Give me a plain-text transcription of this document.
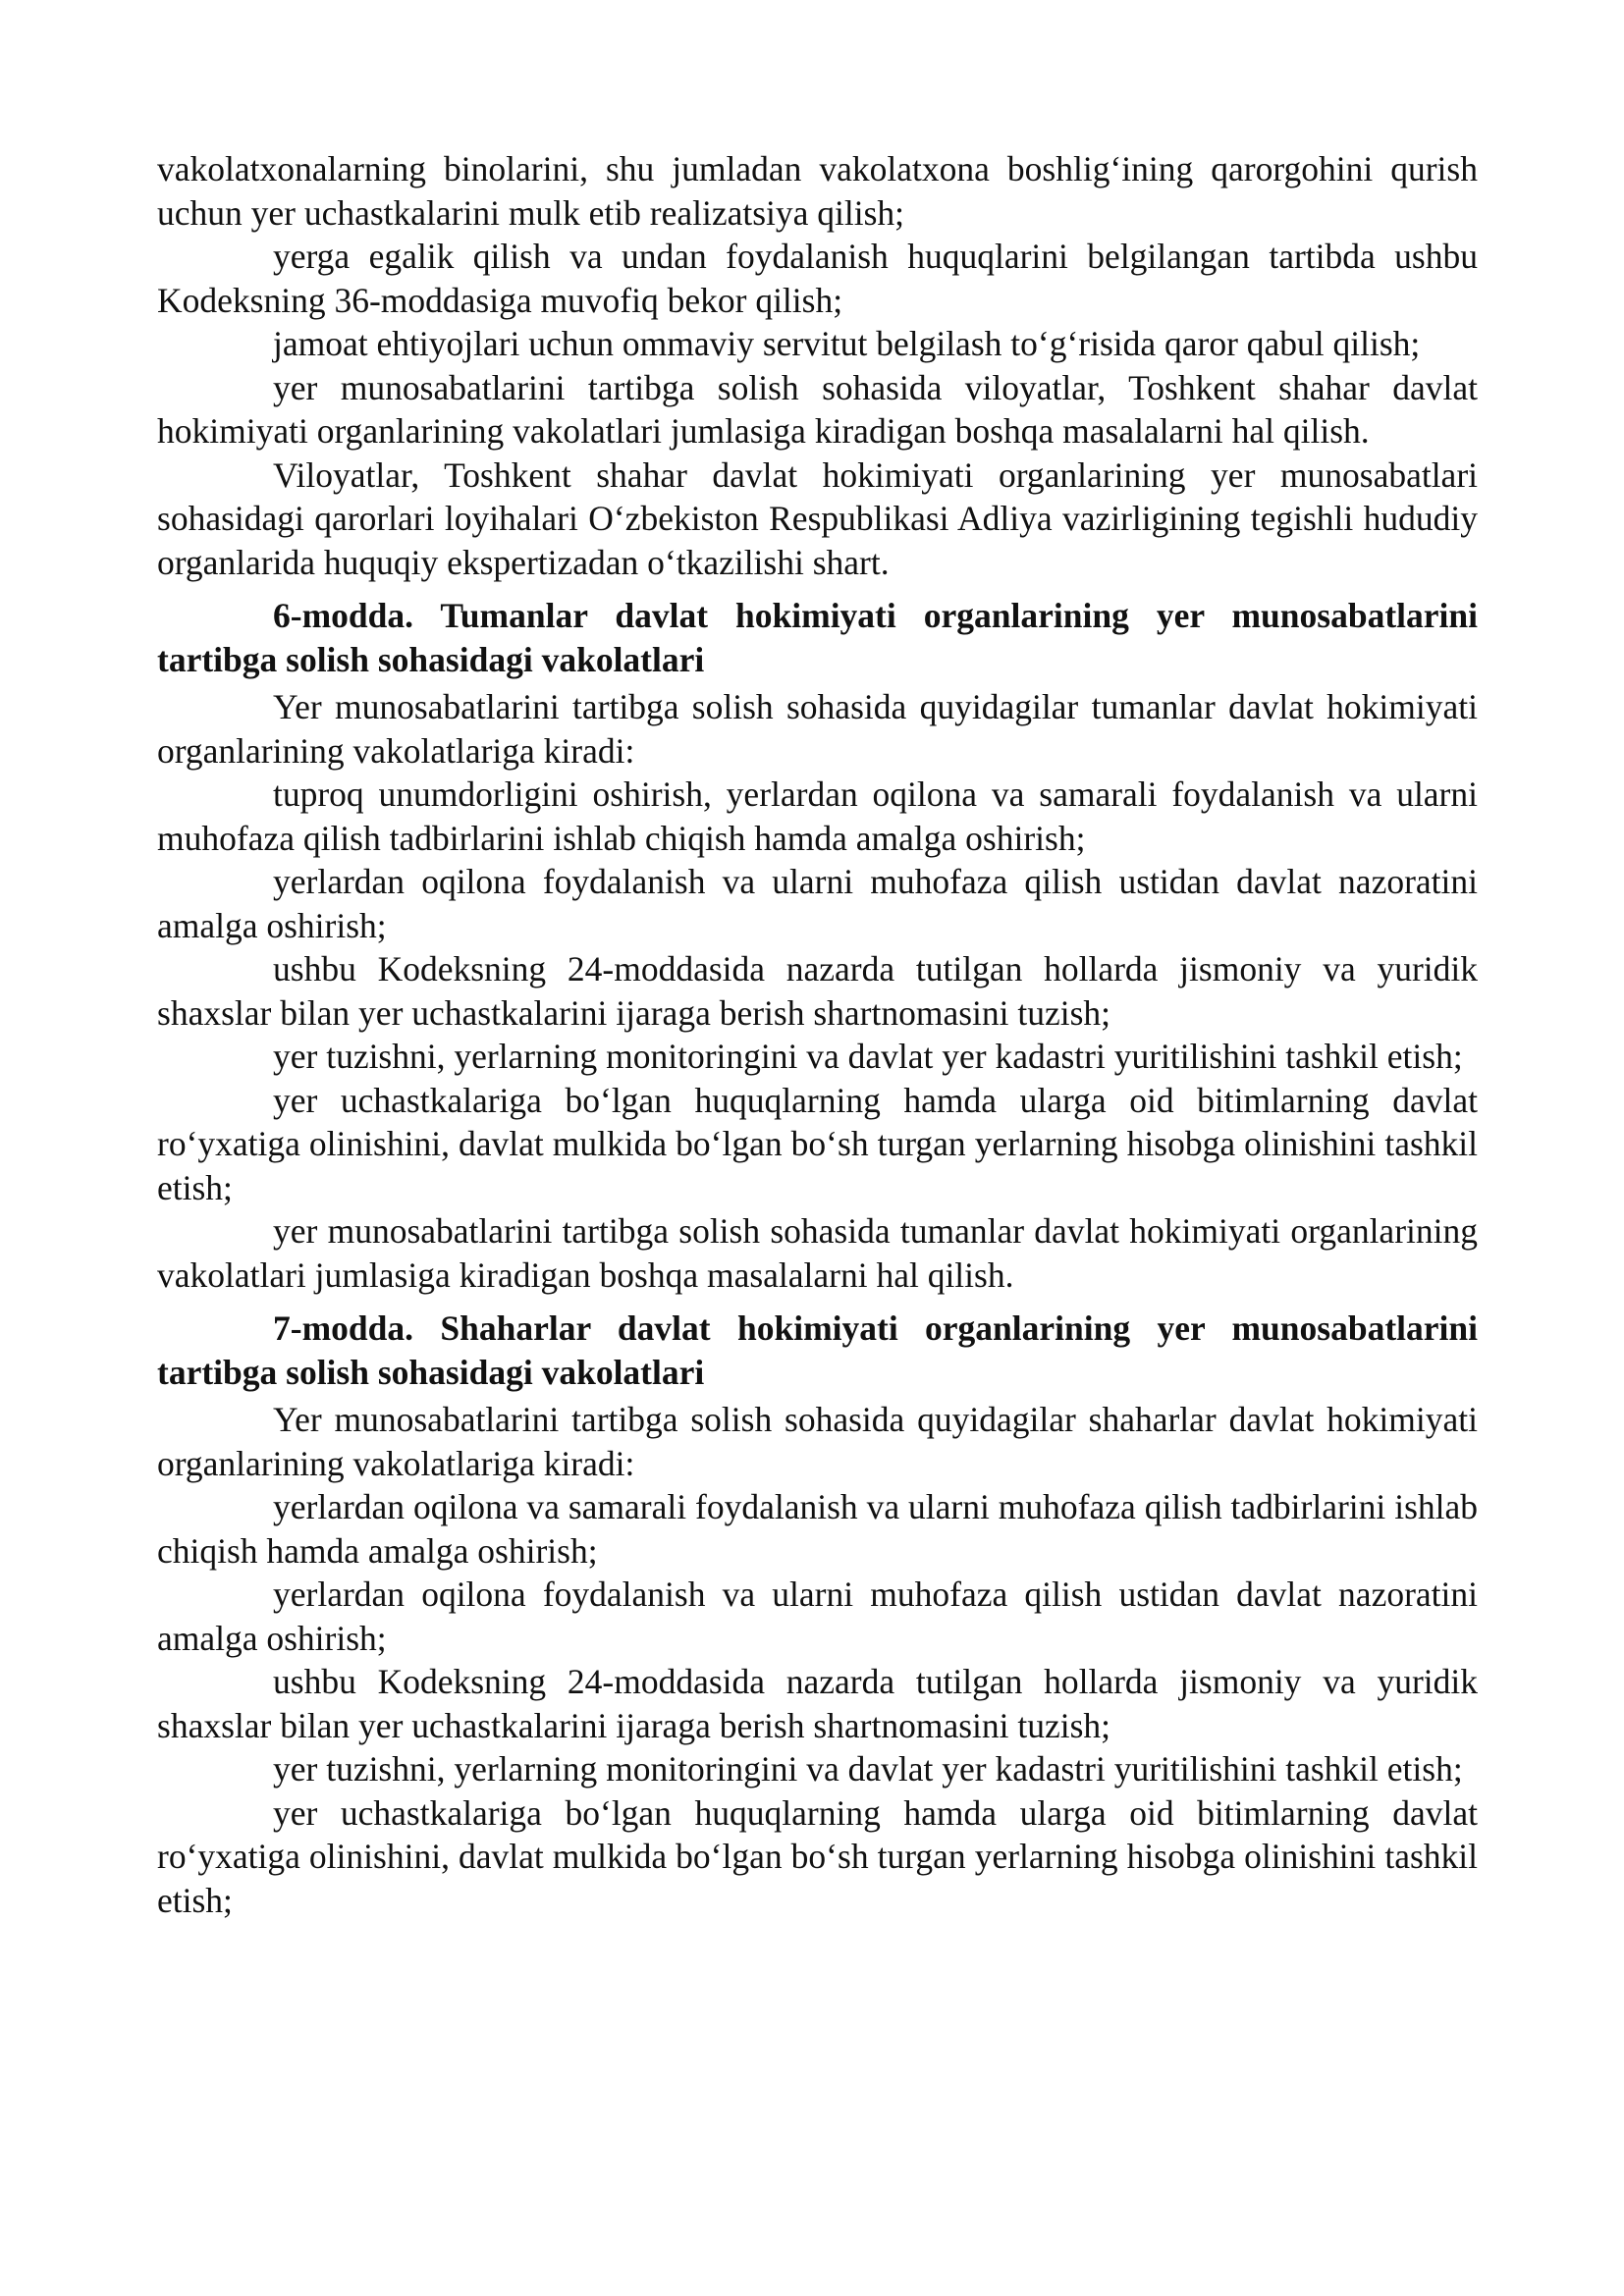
vakolatxonalarning binolarini, shu jumladan vakolatxona boshlig‘ining qarorgohini qurish uchun yer uchastkalarini mulk etib realizatsiya qilish;

yerga egalik qilish va undan foydalanish huquqlarini belgilangan tartibda ushbu Kodeksning 36-moddasiga muvofiq bekor qilish;

jamoat ehtiyojlari uchun ommaviy servitut belgilash to‘g‘risida qaror qabul qilish;

yer munosabatlarini tartibga solish sohasida viloyatlar, Toshkent shahar davlat hokimiyati organlarining vakolatlari jumlasiga kiradigan boshqa masalalarni hal qilish.

Viloyatlar, Toshkent shahar davlat hokimiyati organlarining yer munosabatlari sohasidagi qarorlari loyihalari O‘zbekiston Respublikasi Adliya vazirligining tegishli hududiy organlarida huquqiy ekspertizadan o‘tkazilishi shart.

6-modda. Tumanlar davlat hokimiyati organlarining yer munosabatlarini tartibga solish sohasidagi vakolatlari

Yer munosabatlarini tartibga solish sohasida quyidagilar tumanlar davlat hokimiyati organlarining vakolatlariga kiradi:

tuproq unumdorligini oshirish, yerlardan oqilona va samarali foydalanish va ularni muhofaza qilish tadbirlarini ishlab chiqish hamda amalga oshirish;

yerlardan oqilona foydalanish va ularni muhofaza qilish ustidan davlat nazoratini amalga oshirish;

ushbu Kodeksning 24-moddasida nazarda tutilgan hollarda jismoniy va yuridik shaxslar bilan yer uchastkalarini ijaraga berish shartnomasini tuzish;

yer tuzishni, yerlarning monitoringini va davlat yer kadastri yuritilishini tashkil etish;

yer uchastkalariga bo‘lgan huquqlarning hamda ularga oid bitimlarning davlat ro‘yxatiga olinishini, davlat mulkida bo‘lgan bo‘sh turgan yerlarning hisobga olinishini tashkil etish;

yer munosabatlarini tartibga solish sohasida tumanlar davlat hokimiyati organlarining vakolatlari jumlasiga kiradigan boshqa masalalarni hal qilish.

7-modda. Shaharlar davlat hokimiyati organlarining yer munosabatlarini tartibga solish sohasidagi vakolatlari

Yer munosabatlarini tartibga solish sohasida quyidagilar shaharlar davlat hokimiyati organlarining vakolatlariga kiradi:

yerlardan oqilona va samarali foydalanish va ularni muhofaza qilish tadbirlarini ishlab chiqish hamda amalga oshirish;

yerlardan oqilona foydalanish va ularni muhofaza qilish ustidan davlat nazoratini amalga oshirish;

ushbu Kodeksning 24-moddasida nazarda tutilgan hollarda jismoniy va yuridik shaxslar bilan yer uchastkalarini ijaraga berish shartnomasini tuzish;

yer tuzishni, yerlarning monitoringini va davlat yer kadastri yuritilishini tashkil etish;

yer uchastkalariga bo‘lgan huquqlarning hamda ularga oid bitimlarning davlat ro‘yxatiga olinishini, davlat mulkida bo‘lgan bo‘sh turgan yerlarning hisobga olinishini tashkil etish;
